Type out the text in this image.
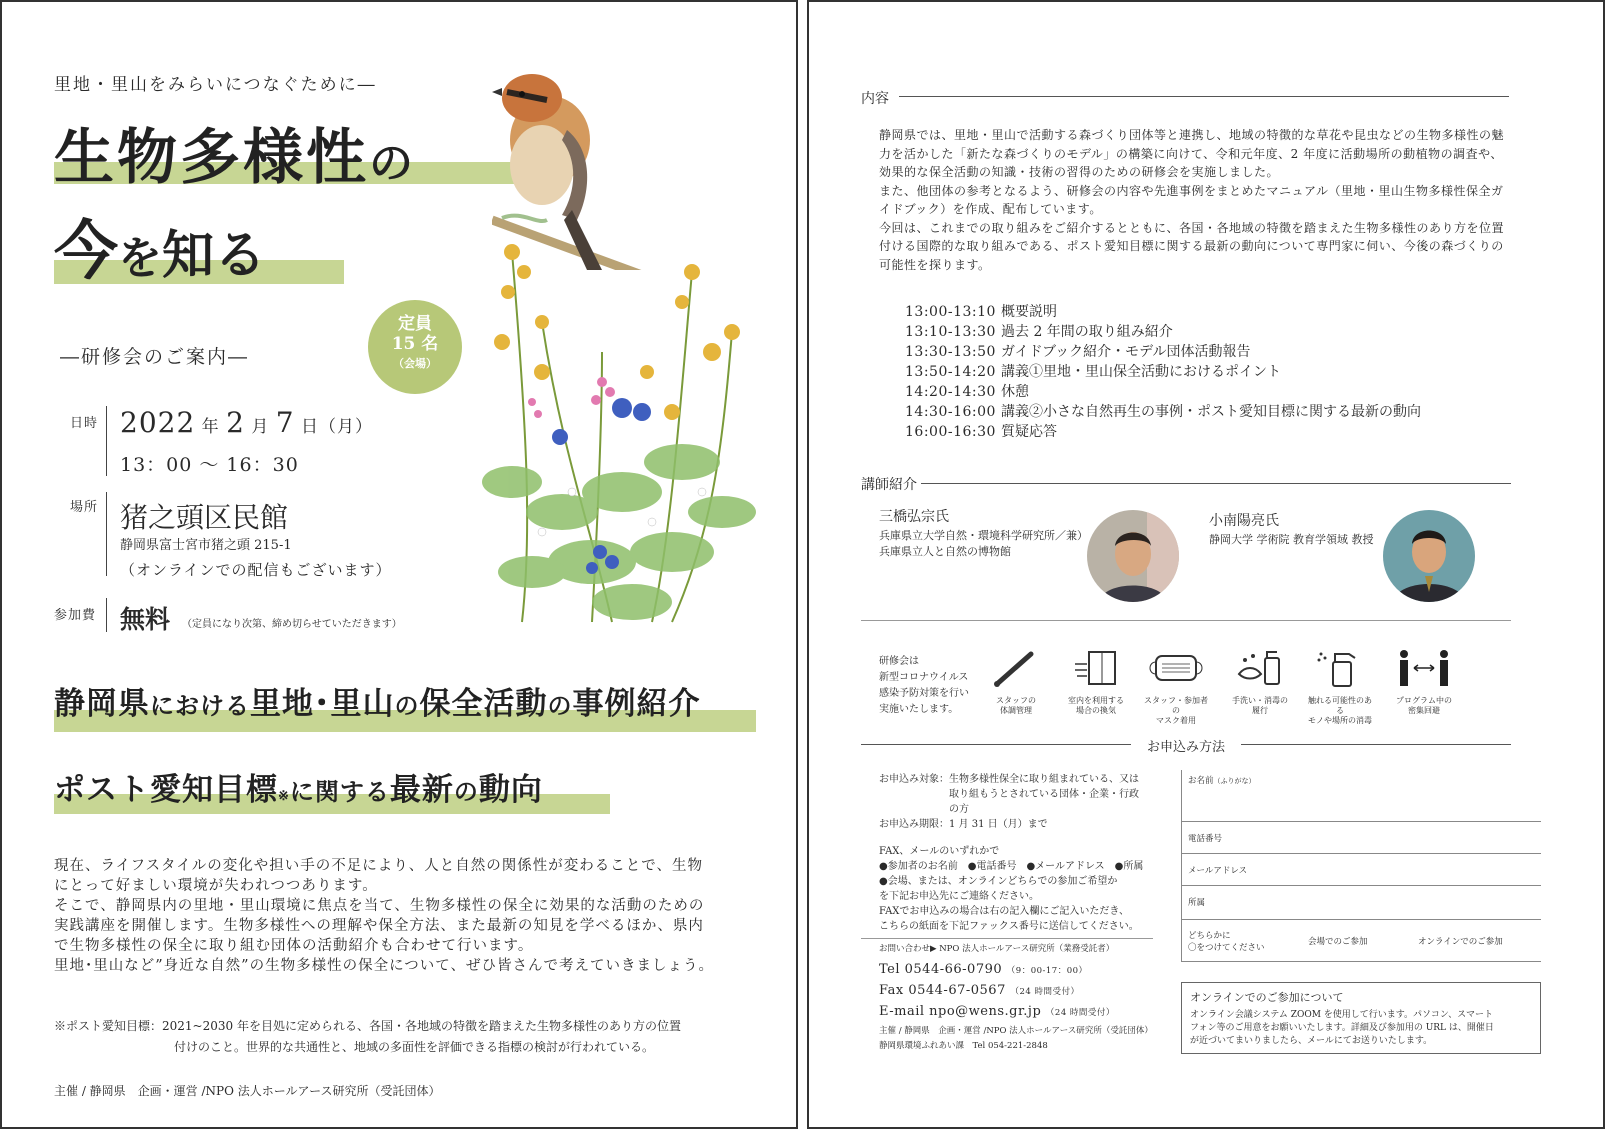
里地・里山をみらいにつなぐために―
生物多様性の
今を知る
―研修会のご案内―
定員
15 名
（会場）
日時 2022 年 2 月 7 日（月）
13：00 ～ 16：30
場所 猪之頭区民館
静岡県富士宮市猪之頭 215-1
（オンラインでの配信もございます）
参加費 無料 （定員になり次第、締め切らせていただきます）
静岡県における里地･里山の保全活動の事例紹介
ポスト愛知目標※に関する最新の動向
現在、ライフスタイルの変化や担い手の不足により、人と自然の関係性が変わることで、生物
にとって好ましい環境が失われつつあります。
そこで、静岡県内の里地・里山環境に焦点を当て、生物多様性の保全に効果的な活動のための
実践講座を開催します。生物多様性への理解や保全方法、また最新の知見を学べるほか、県内
で生物多様性の保全に取り組む団体の活動紹介も合わせて行います。
里地･里山など”身近な自然”の生物多様性の保全について、ぜひ皆さんで考えていきましょう。
※ポスト愛知目標：2021~2030 年を目処に定められる、各国・各地域の特徴を踏まえた生物多様性のあり方の位置
付けのこと。世界的な共通性と、地域の多面性を評価できる指標の検討が行われている。
主催 / 静岡県　企画・運営 /NPO 法人ホールアース研究所（受託団体）
内容
静岡県では、里地・里山で活動する森づくり団体等と連携し、地域の特徴的な草花や昆虫などの生物多様性の魅
力を活かした「新たな森づくりのモデル」の構築に向けて、令和元年度、2 年度に活動場所の動植物の調査や、
効果的な保全活動の知識・技術の習得のための研修会を実施しました。
また、他団体の参考となるよう、研修会の内容や先進事例をまとめたマニュアル（里地・里山生物多様性保全ガ
イドブック）を作成、配布しています。
今回は、これまでの取り組みをご紹介するとともに、各国・各地域の特徴を踏まえた生物多様性のあり方を位置
付ける国際的な取り組みである、ポスト愛知目標に関する最新の動向について専門家に伺い、今後の森づくりの
可能性を探ります。
13:00-13:10 概要説明
13:10-13:30 過去 2 年間の取り組み紹介
13:30-13:50 ガイドブック紹介・モデル団体活動報告
13:50-14:20 講義①里地・里山保全活動におけるポイント
14:20-14:30 休憩
14:30-16:00 講義②小さな自然再生の事例・ポスト愛知目標に関する最新の動向
16:00-16:30 質疑応答
講師紹介
三橋弘宗氏
兵庫県立大学自然・環境科学研究所／兼）
兵庫県立人と自然の博物館
小南陽亮氏
静岡大学 学術院 教育学領域 教授
研修会は
新型コロナウイルス
感染予防対策を行い
実施いたします。
スタッフの
体調管理
室内を利用する
場合の換気
スタッフ・参加者の
マスク着用
手洗い・消毒の
履行
触れる可能性のある
モノや場所の消毒
プログラム中の
密集回避
お申込み方法
お申込み対象： 生物多様性保全に取り組まれている、又は
取り組もうとされている団体・企業・行政
の方
お申込み期限：1 月 31 日（月）まで
FAX、メールのいずれかで
●参加者のお名前　●電話番号　●メールアドレス　●所属
●会場、または、オンラインどちらでの参加ご希望か
を下記お申込先にご連絡ください。
FAXでお申込みの場合は右の記入欄にご記入いただき、
こちらの紙面を下記ファックス番号に送信してください。
お問い合わせ▶ NPO 法人ホールアース研究所（業務受託者）
Tel 0544-66-0790 （9：00-17：00）
Fax 0544-67-0567 （24 時間受付）
E-mail npo@wens.gr.jp （24 時間受付）
主催 / 静岡県　企画・運営 /NPO 法人ホールアース研究所（受託団体）
静岡県環境ふれあい課　Tel 054-221-2848
お名前（ふりがな）
電話番号
メールアドレス
所属
どちらかに
〇をつけてください
会場でのご参加	オンラインでのご参加
オンラインでのご参加について
オンライン会議システム ZOOM を使用して行います。パソコン、スマート
フォン等のご用意をお願いいたします。詳細及び参加用の URL は、開催日
が近づいてまいりましたら、メールにてお送りいたします。
